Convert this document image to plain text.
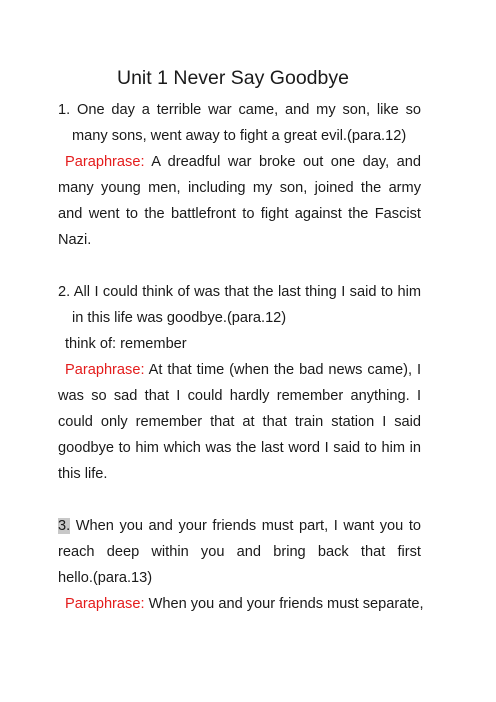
Unit 1 Never Say Goodbye
1. One day a terrible war came, and my son, like so
many sons, went away to fight a great evil.(para.12)
Paraphrase: A dreadful war broke out one day, and
many young men, including my son, joined the army
and went to the battlefront to fight against the Fascist
Nazi.
2. All I could think of was that the last thing I said to him
in this life was goodbye.(para.12)
think of: remember
Paraphrase: At that time (when the bad news came), I
was so sad that I could hardly remember anything. I
could only remember that at that train station I said
goodbye to him which was the last word I said to him in
this life.
3. When you and your friends must part, I want you to
reach deep within you and bring back that first
hello.(para.13)
Paraphrase: When you and your friends must separate,
